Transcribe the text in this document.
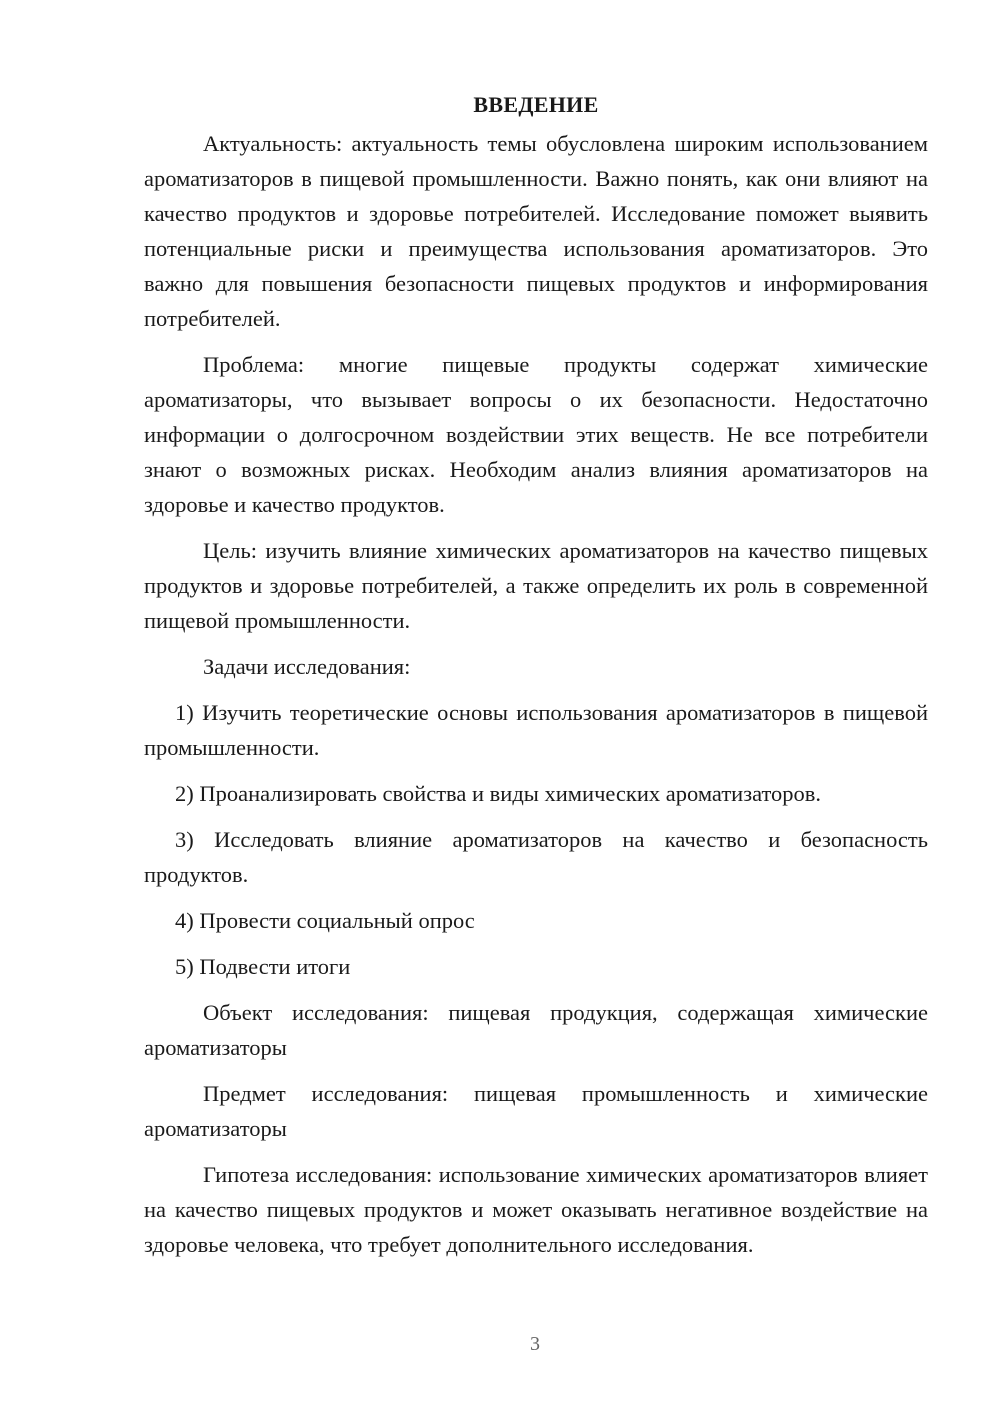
ВВЕДЕНИЕ

Актуальность: актуальность темы обусловлена широким использованием ароматизаторов в пищевой промышленности. Важно понять, как они влияют на качество продуктов и здоровье потребителей. Исследование поможет выявить потенциальные риски и преимущества использования ароматизаторов. Это важно для повышения безопасности пищевых продуктов и информирования потребителей.

Проблема: многие пищевые продукты содержат химические ароматизаторы, что вызывает вопросы о их безопасности. Недостаточно информации о долгосрочном воздействии этих веществ. Не все потребители знают о возможных рисках. Необходим анализ влияния ароматизаторов на здоровье и качество продуктов.

Цель: изучить влияние химических ароматизаторов на качество пищевых продуктов и здоровье потребителей, а также определить их роль в современной пищевой промышленности.

Задачи исследования:

1) Изучить теоретические основы использования ароматизаторов в пищевой промышленности.

2) Проанализировать свойства и виды химических ароматизаторов.

3) Исследовать влияние ароматизаторов на качество и безопасность продуктов.

4) Провести социальный опрос

5) Подвести итоги

Объект исследования: пищевая продукция, содержащая химические ароматизаторы

Предмет исследования: пищевая промышленность и химические ароматизаторы

Гипотеза исследования: использование химических ароматизаторов влияет на качество пищевых продуктов и может оказывать негативное воздействие на здоровье человека, что требует дополнительного исследования.

3
